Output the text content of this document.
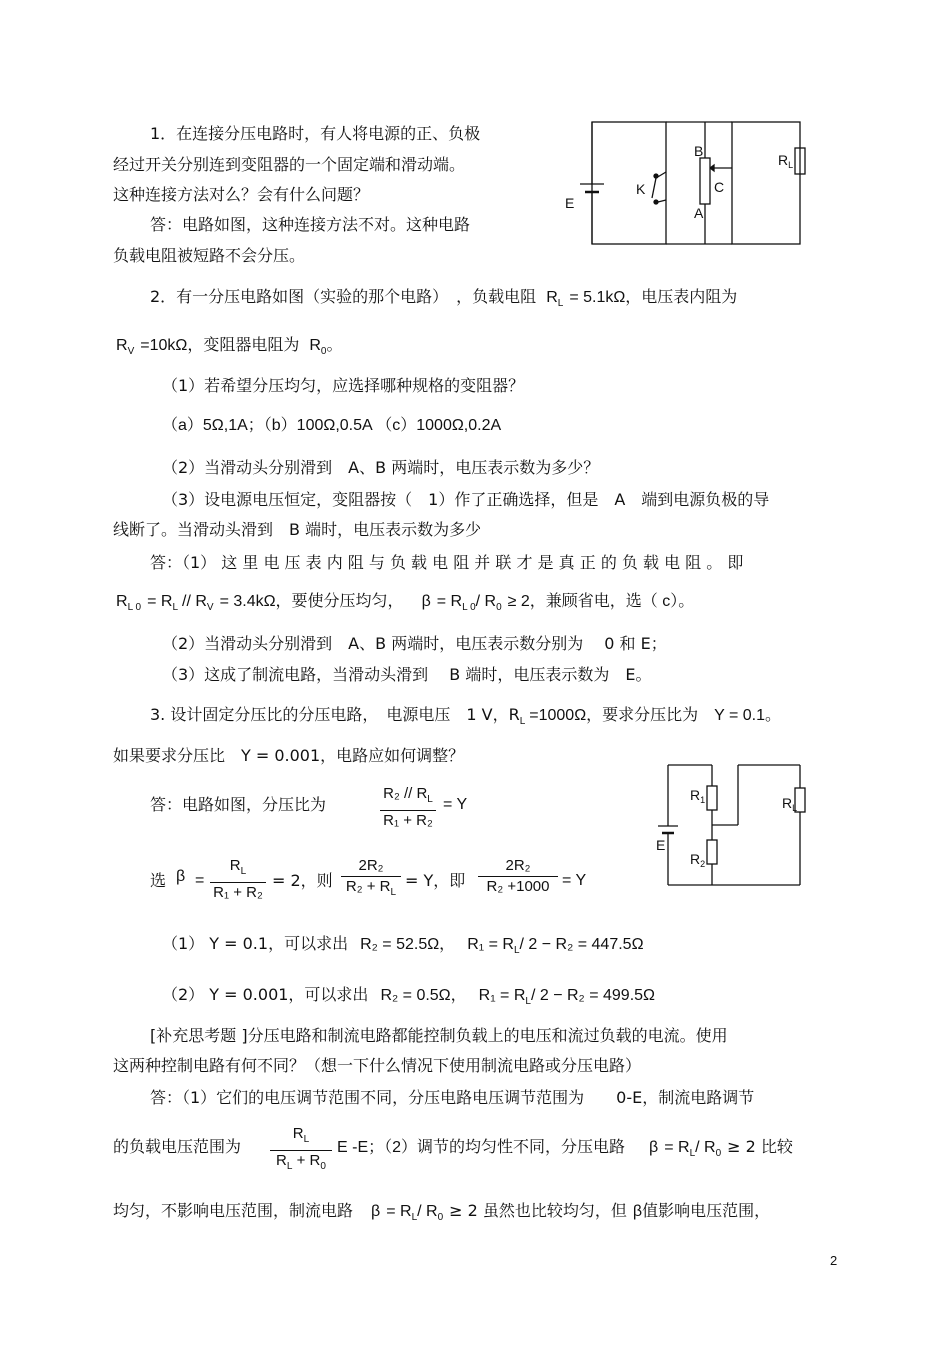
1．在连接分压电路时，有人将电源的正、负极
经过开关分别连到变阻器的一个固定端和滑动端。
这种连接方法对么？会有什么问题？
答：电路如图，这种连接方法不对。这种电路
负载电阻被短路不会分压。
E
K
B
C
A
$R_L$
2．有一分压电路如图（实验的那个电路）　，负载电阻 $R_L = 5.1k\Omega$，电压表内阻为
$R_V =10k\Omega$，变阻器电阻为 $R_0$。
（1）若希望分压均匀，应选择哪种规格的变阻器？
（a）5Ω,1A；（b）100Ω,0.5A （c）1000Ω,0.2A
（2）当滑动头分别滑到　A、B 两端时，电压表示数为多少？
（3）设电源电压恒定，变阻器按（　1）作了正确选择，但是　A　端到电源负极的导
线断了。当滑动头滑到　B 端时，电压表示数为多少
答：（1） 这 里 电 压 表 内 阻 与 负 载 电 阻 并 联 才 是 真 正 的 负 载 电 阻 。 即
$R_{L 0} = R_L // R_V = 3.4k\Omega$，要使分压均匀， $\beta = R_{L 0}/$ $R_0 \ge 2$，兼顾省电，选（ c）。
（2）当滑动头分别滑到　A、B 两端时，电压表示数分别为　 0 和 E；
（3）这成了制流电路，当滑动头滑到　 B 端时，电压表示数为　E。
3. 设计固定分压比的分压电路，　电源电压　1 V，$R_L =1000\Omega$，要求分压比为　Y = 0.1。
如果要求分压比　Y = 0.001，电路应如何调整？
答：电路如图，分压比为
$R_2 // R_L$
R₁ + R₂
= Y
E
$R_1$
$R_2$
$R_L$
选 β =
$R_L$
R₁ + R₂
= 2，则
2R₂
$R_2 + R_L$
= Y，即
2R₂
R₂ +1000 = Y
（1） Y = 0.1，可以求出 R₂ = 52.5Ω， $R_1 = R_L/$ 2 − R₂ = 447.5Ω
（2） Y = 0.001，可以求出 R₂ = 0.5Ω， $R_1 = R_L/$ 2 − R₂ = 499.5Ω
[补充思考题 ]分压电路和制流电路都能控制负载上的电压和流过负载的电流。使用
这两种控制电路有何不同？（想一下什么情况下使用制流电路或分压电路）
答：（1）它们的电压调节范围不同，分压电路电压调节范围为　　0-E，制流电路调节
的负载电压范围为
$R_L$
$R_L + R_0$
E -E；（2）调节的均匀性不同，分压电路 $\beta = R_L/$ $R_0 \ge 2$ 比较
均匀，不影响电压范围，制流电路 $\beta = R_L/$ $R_0 \ge 2$ 虽然也比较均匀，但 β值影响电压范围，
2
